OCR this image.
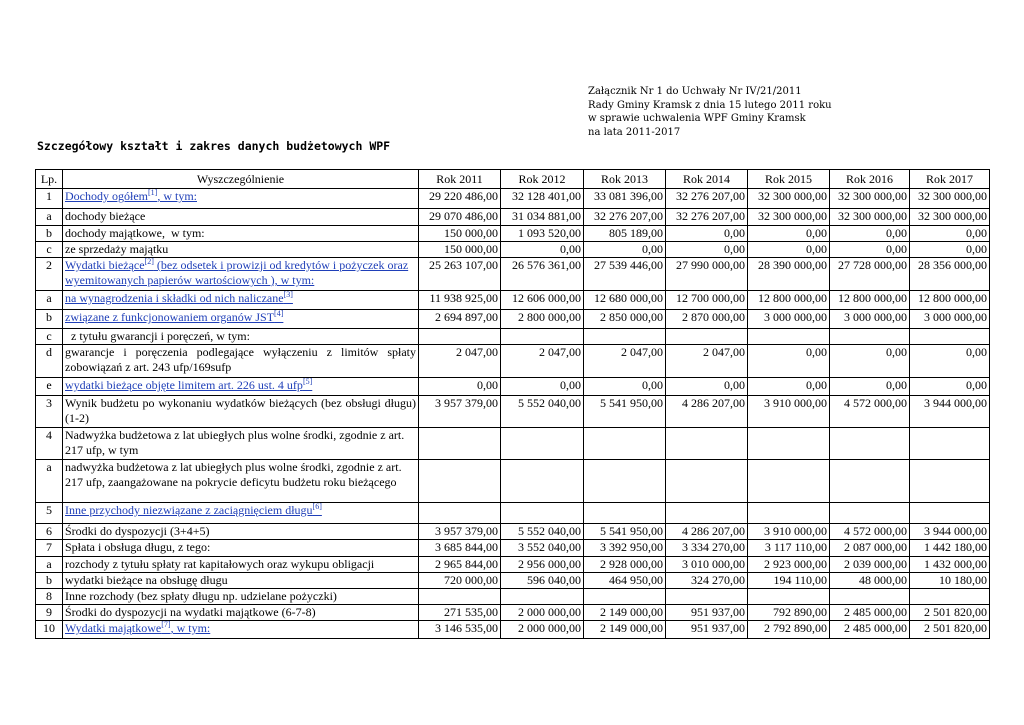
Załącznik Nr 1 do Uchwały Nr IV/21/2011
Rady Gminy Kramsk z dnia 15 lutego 2011 roku
w sprawie uchwalenia WPF Gminy Kramsk
na lata 2011-2017
Szczegółowy kształt i zakres danych budżetowych WPF
Lp.	Wyszczególnienie	Rok 2011	Rok 2012	Rok 2013	Rok 2014	Rok 2015	Rok 2016	Rok 2017
1	Dochody ogółem[1], w tym:	29 220 486,00	32 128 401,00	33 081 396,00	32 276 207,00	32 300 000,00	32 300 000,00	32 300 000,00
a	dochody bieżące	29 070 486,00	31 034 881,00	32 276 207,00	32 276 207,00	32 300 000,00	32 300 000,00	32 300 000,00
b	dochody majątkowe,  w tym:	150 000,00	1 093 520,00	805 189,00	0,00	0,00	0,00	0,00
c	ze sprzedaży majątku	150 000,00	0,00	0,00	0,00	0,00	0,00	0,00
2	Wydatki bieżące[2] (bez odsetek i prowizji od kredytów i pożyczek oraz wyemitowanych papierów wartościowych ), w tym:	25 263 107,00	26 576 361,00	27 539 446,00	27 990 000,00	28 390 000,00	27 728 000,00	28 356 000,00
a	na wynagrodzenia i składki od nich naliczane[3]	11 938 925,00	12 606 000,00	12 680 000,00	12 700 000,00	12 800 000,00	12 800 000,00	12 800 000,00
b	związane z funkcjonowaniem organów JST[4]	2 694 897,00	2 800 000,00	2 850 000,00	2 870 000,00	3 000 000,00	3 000 000,00	3 000 000,00
c	z tytułu gwarancji i poręczeń, w tym:							
d	gwarancje i poręczenia podlegające wyłączeniu z limitów spłaty zobowiązań z art. 243 ufp/169sufp	2 047,00	2 047,00	2 047,00	2 047,00	0,00	0,00	0,00
e	wydatki bieżące objęte limitem art. 226 ust. 4 ufp[5]	0,00	0,00	0,00	0,00	0,00	0,00	0,00
3	Wynik budżetu po wykonaniu wydatków bieżących (bez obsługi długu) (1-2)	3 957 379,00	5 552 040,00	5 541 950,00	4 286 207,00	3 910 000,00	4 572 000,00	3 944 000,00
4	Nadwyżka budżetowa z lat ubiegłych plus wolne środki, zgodnie z art. 217 ufp, w tym							
a	nadwyżka budżetowa z lat ubiegłych plus wolne środki, zgodnie z art. 217 ufp, zaangażowane na pokrycie deficytu budżetu roku bieżącego							
5	Inne przychody niezwiązane z zaciągnięciem długu[6]							
6	Środki do dyspozycji (3+4+5)	3 957 379,00	5 552 040,00	5 541 950,00	4 286 207,00	3 910 000,00	4 572 000,00	3 944 000,00
7	Spłata i obsługa długu, z tego:	3 685 844,00	3 552 040,00	3 392 950,00	3 334 270,00	3 117 110,00	2 087 000,00	1 442 180,00
a	rozchody z tytułu spłaty rat kapitałowych oraz wykupu obligacji	2 965 844,00	2 956 000,00	2 928 000,00	3 010 000,00	2 923 000,00	2 039 000,00	1 432 000,00
b	wydatki bieżące na obsługę długu	720 000,00	596 040,00	464 950,00	324 270,00	194 110,00	48 000,00	10 180,00
8	Inne rozchody (bez spłaty długu np. udzielane pożyczki)							
9	Środki do dyspozycji na wydatki majątkowe (6-7-8)	271 535,00	2 000 000,00	2 149 000,00	951 937,00	792 890,00	2 485 000,00	2 501 820,00
10	Wydatki majątkowe[7], w tym:	3 146 535,00	2 000 000,00	2 149 000,00	951 937,00	2 792 890,00	2 485 000,00	2 501 820,00
